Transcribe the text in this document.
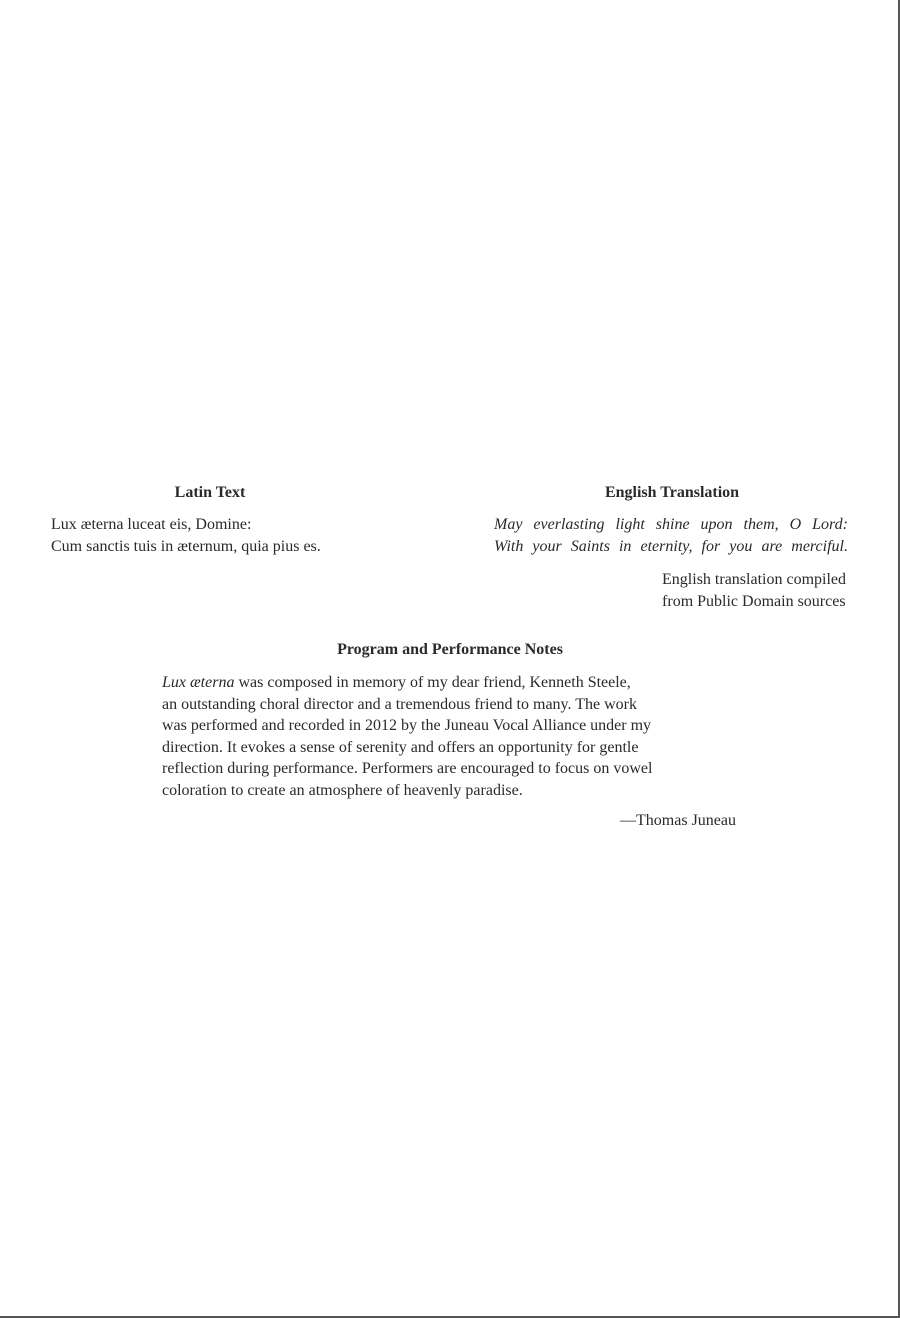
Latin Text
Lux æterna luceat eis, Domine:
Cum sanctis tuis in æternum, quia pius es.
English Translation
May everlasting light shine upon them, O Lord:
With your Saints in eternity, for you are merciful.
English translation compiled
from Public Domain sources
Program and Performance Notes
Lux æterna was composed in memory of my dear friend, Kenneth Steele,
an outstanding choral director and a tremendous friend to many. The work
was performed and recorded in 2012 by the Juneau Vocal Alliance under my
direction. It evokes a sense of serenity and offers an opportunity for gentle
reflection during performance. Performers are encouraged to focus on vowel
coloration to create an atmosphere of heavenly paradise.
—Thomas Juneau
